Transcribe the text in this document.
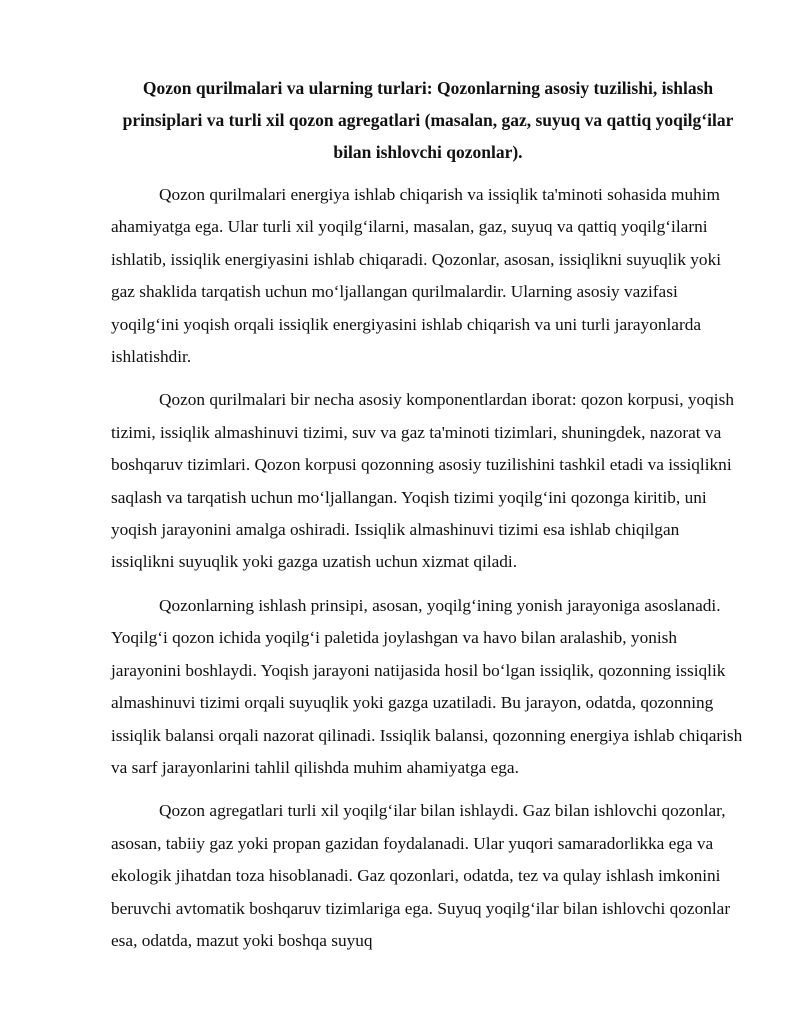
Qozon qurilmalari va ularning turlari: Qozonlarning asosiy tuzilishi, ishlash prinsiplari va turli xil qozon agregatlari (masalan, gaz, suyuq va qattiq yoqilg‘ilar bilan ishlovchi qozonlar).

Qozon qurilmalari energiya ishlab chiqarish va issiqlik ta'minoti sohasida muhim ahamiyatga ega. Ular turli xil yoqilg‘ilarni, masalan, gaz, suyuq va qattiq yoqilg‘ilarni ishlatib, issiqlik energiyasini ishlab chiqaradi. Qozonlar, asosan, issiqlikni suyuqlik yoki gaz shaklida tarqatish uchun mo‘ljallangan qurilmalardir. Ularning asosiy vazifasi yoqilg‘ini yoqish orqali issiqlik energiyasini ishlab chiqarish va uni turli jarayonlarda ishlatishdir.

Qozon qurilmalari bir necha asosiy komponentlardan iborat: qozon korpusi, yoqish tizimi, issiqlik almashinuvi tizimi, suv va gaz ta'minoti tizimlari, shuningdek, nazorat va boshqaruv tizimlari. Qozon korpusi qozonning asosiy tuzilishini tashkil etadi va issiqlikni saqlash va tarqatish uchun mo‘ljallangan. Yoqish tizimi yoqilg‘ini qozonga kiritib, uni yoqish jarayonini amalga oshiradi. Issiqlik almashinuvi tizimi esa ishlab chiqilgan issiqlikni suyuqlik yoki gazga uzatish uchun xizmat qiladi.

Qozonlarning ishlash prinsipi, asosan, yoqilg‘ining yonish jarayoniga asoslanadi. Yoqilg‘i qozon ichida yoqilg‘i paletida joylashgan va havo bilan aralashib, yonish jarayonini boshlaydi. Yoqish jarayoni natijasida hosil bo‘lgan issiqlik, qozonning issiqlik almashinuvi tizimi orqali suyuqlik yoki gazga uzatiladi. Bu jarayon, odatda, qozonning issiqlik balansi orqali nazorat qilinadi. Issiqlik balansi, qozonning energiya ishlab chiqarish va sarf jarayonlarini tahlil qilishda muhim ahamiyatga ega.

Qozon agregatlari turli xil yoqilg‘ilar bilan ishlaydi. Gaz bilan ishlovchi qozonlar, asosan, tabiiy gaz yoki propan gazidan foydalanadi. Ular yuqori samaradorlikka ega va ekologik jihatdan toza hisoblanadi. Gaz qozonlari, odatda, tez va qulay ishlash imkonini beruvchi avtomatik boshqaruv tizimlariga ega. Suyuq yoqilg‘ilar bilan ishlovchi qozonlar esa, odatda, mazut yoki boshqa suyuq
